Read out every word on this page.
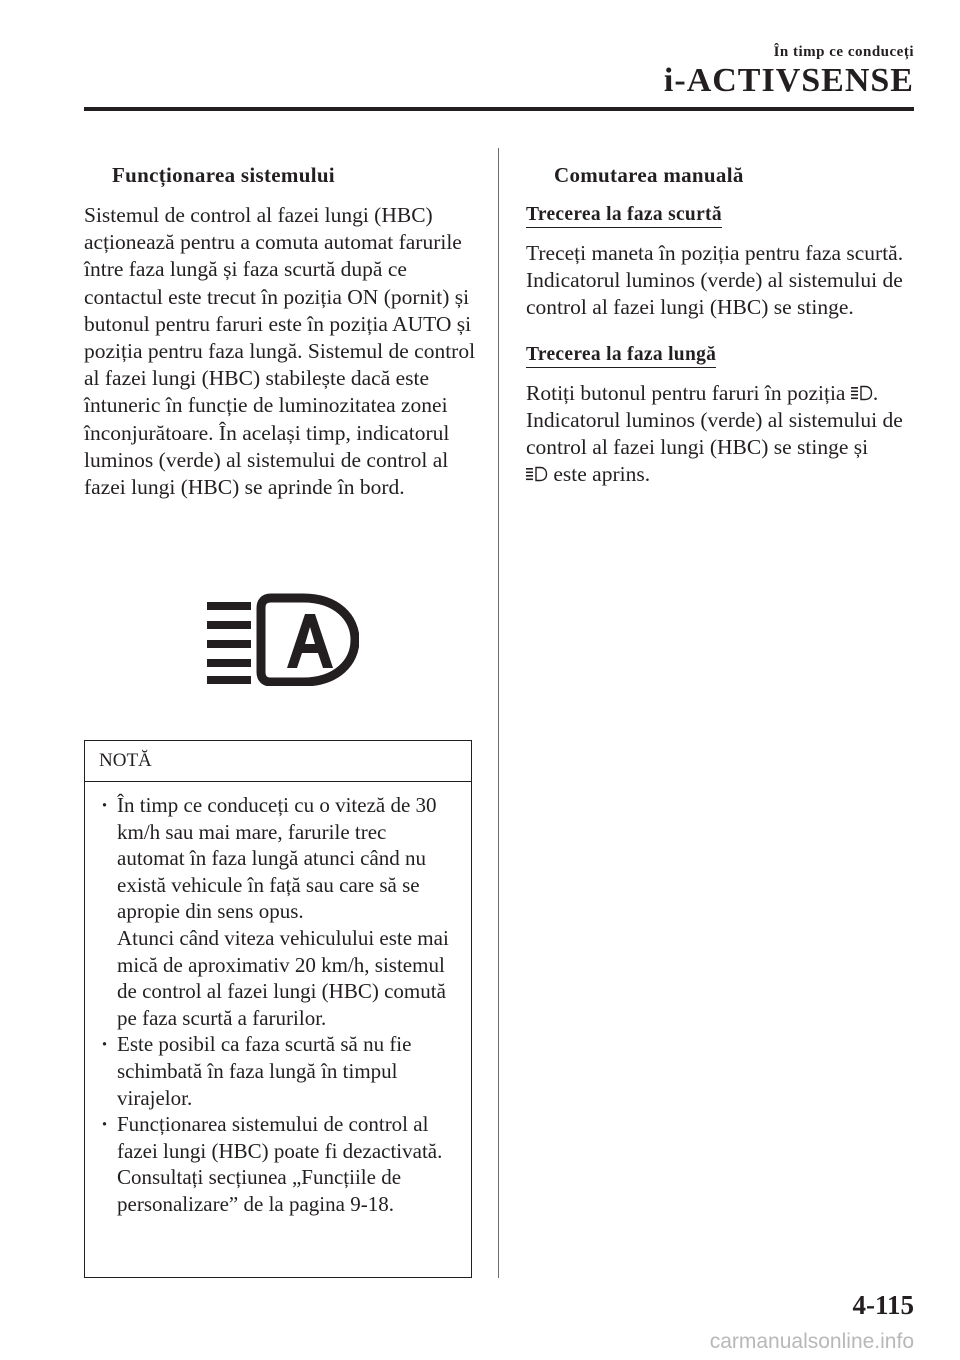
În timp ce conduceți
i-ACTIVSENSE
Funcționarea sistemului
Sistemul de control al fazei lungi (HBC) acționează pentru a comuta automat farurile între faza lungă și faza scurtă după ce contactul este trecut în poziția ON (pornit) și butonul pentru faruri este în poziția AUTO și poziția pentru faza lungă. Sistemul de control al fazei lungi (HBC) stabilește dacă este întuneric în funcție de luminozitatea zonei înconjurătoare. În același timp, indicatorul luminos (verde) al sistemului de control al fazei lungi (HBC) se aprinde în bord.
NOTĂ
· În timp ce conduceți cu o viteză de 30 km/h sau mai mare, farurile trec automat în faza lungă atunci când nu există vehicule în față sau care să se apropie din sens opus.
Atunci când viteza vehiculului este mai mică de aproximativ 20 km/h, sistemul de control al fazei lungi (HBC) comută pe faza scurtă a farurilor.
· Este posibil ca faza scurtă să nu fie schimbată în faza lungă în timpul virajelor.
· Funcționarea sistemului de control al fazei lungi (HBC) poate fi dezactivată. Consultați secțiunea „Funcțiile de personalizare” de la pagina 9-18.
Comutarea manuală
Trecerea la faza scurtă
Treceți maneta în poziția pentru faza scurtă.
Indicatorul luminos (verde) al sistemului de control al fazei lungi (HBC) se stinge.
Trecerea la faza lungă
Rotiți butonul pentru faruri în poziția .
Indicatorul luminos (verde) al sistemului de control al fazei lungi (HBC) se stinge și
este aprins.
4-115
carmanualsonline.info
